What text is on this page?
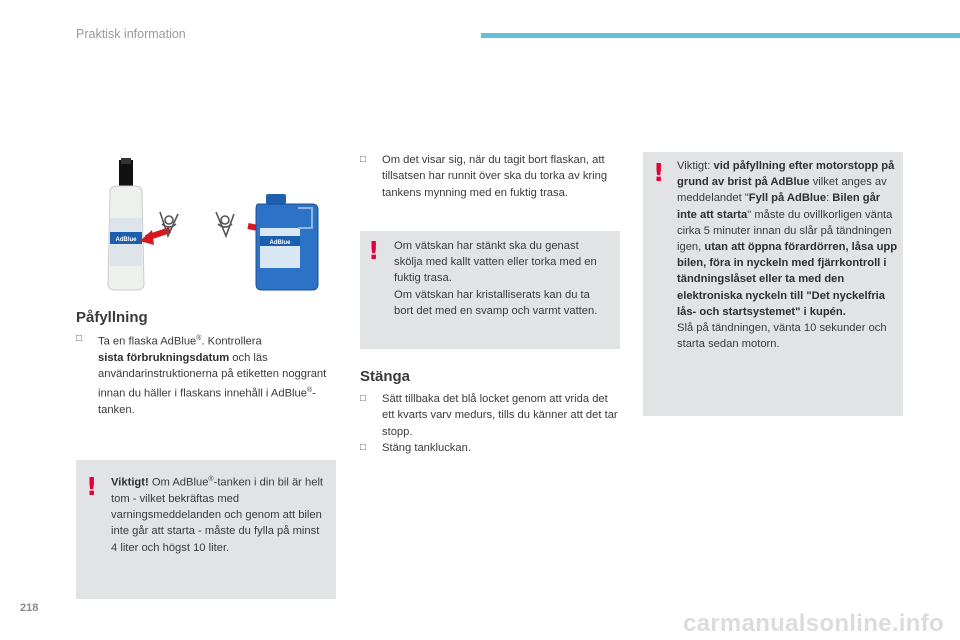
Praktisk information
AdBlue	AdBlue
Påfyllning
□	Ta en flaska AdBlue®. Kontrollera
sista förbrukningsdatum och läs användarinstruktionerna på etiketten noggrant innan du häller i flaskans innehåll i AdBlue®-tanken.
! Viktigt! Om AdBlue®-tanken i din bil är helt tom - vilket bekräftas med varningsmeddelanden och genom att bilen inte går att starta - måste du fylla på minst 4 liter och högst 10 liter.
□	Om det visar sig, när du tagit bort flaskan, att tillsatsen har runnit över ska du torka av kring tankens mynning med en fuktig trasa.
! Om vätskan har stänkt ska du genast skölja med kallt vatten eller torka med en fuktig trasa.
Om vätskan har kristalliserats kan du ta bort det med en svamp och varmt vatten.
Stänga
□	Sätt tillbaka det blå locket genom att vrida det ett kvarts varv medurs, tills du känner att det tar stopp.
□	Stäng tankluckan.
! Viktigt: vid påfyllning efter motorstopp på grund av brist på AdBlue vilket anges av meddelandet "Fyll på AdBlue: Bilen går inte att starta" måste du ovillkorligen vänta cirka 5 minuter innan du slår på tändningen igen, utan att öppna förardörren, låsa upp bilen, föra in nyckeln med fjärrkontroll i tändningslåset eller ta med den elektroniska nyckeln till "Det nyckelfria lås- och startsystemet" i kupén.
Slå på tändningen, vänta 10 sekunder och starta sedan motorn.
218
carmanualsonline.info
